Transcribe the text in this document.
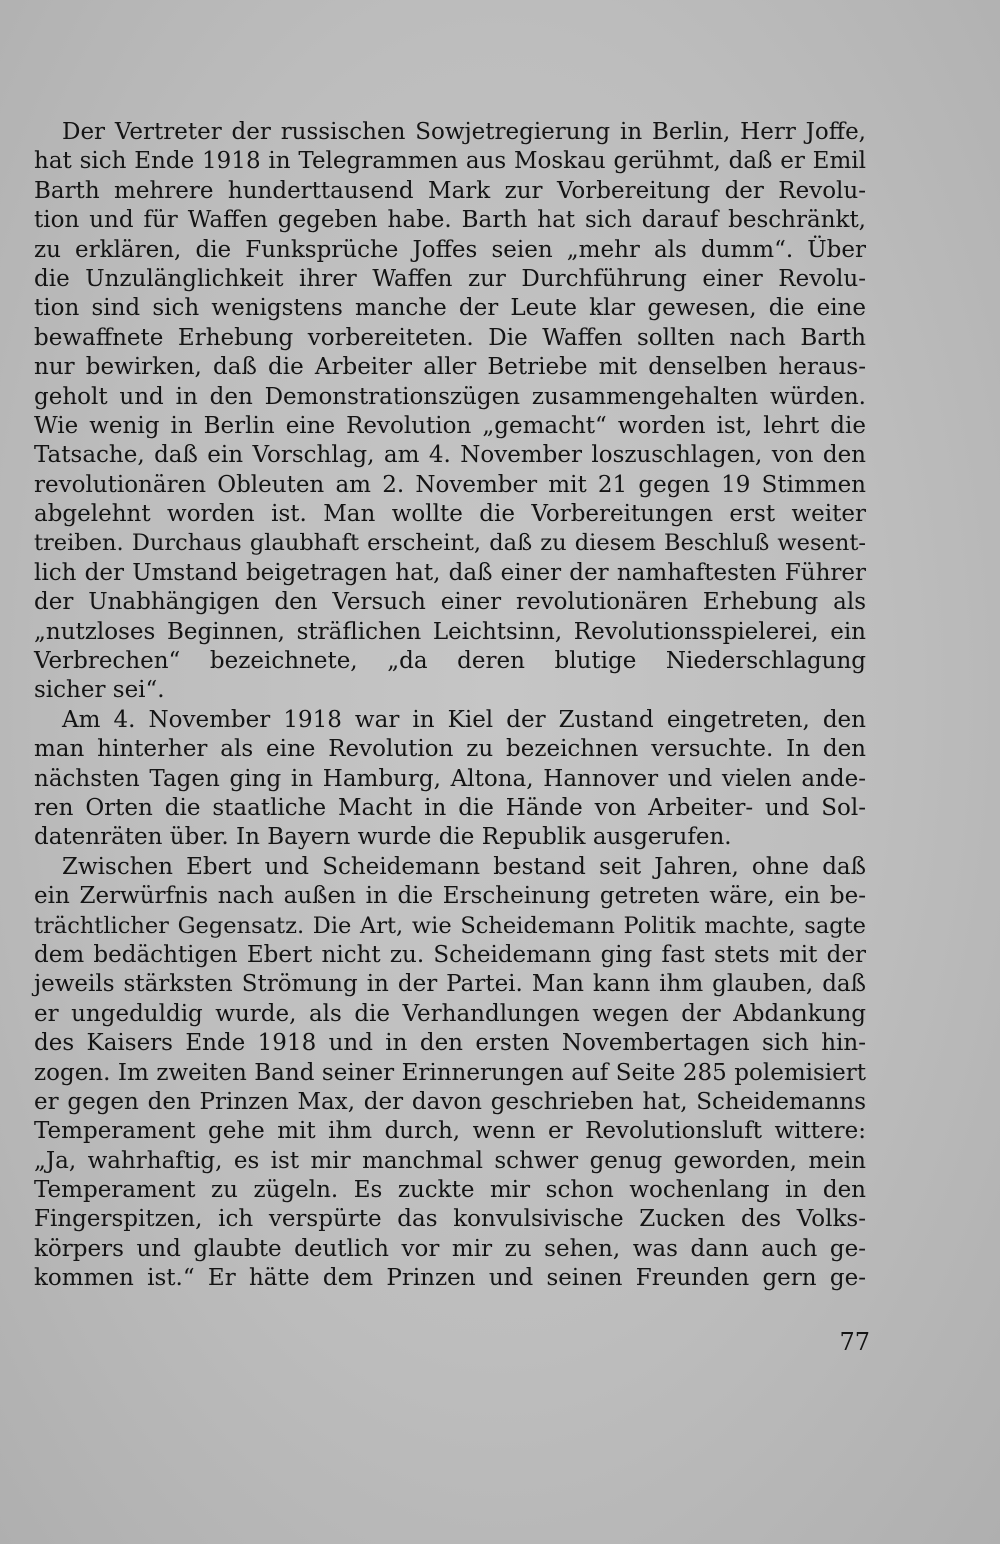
Der Vertreter der russischen Sowjetregierung in Berlin, Herr Joffe,
hat sich Ende 1918 in Telegrammen aus Moskau gerühmt, daß er Emil
Barth mehrere hunderttausend Mark zur Vorbereitung der Revolu-
tion und für Waffen gegeben habe. Barth hat sich darauf beschränkt,
zu erklären, die Funksprüche Joffes seien „mehr als dumm“. Über
die Unzulänglichkeit ihrer Waffen zur Durchführung einer Revolu-
tion sind sich wenigstens manche der Leute klar gewesen, die eine
bewaffnete Erhebung vorbereiteten. Die Waffen sollten nach Barth
nur bewirken, daß die Arbeiter aller Betriebe mit denselben heraus-
geholt und in den Demonstrationszügen zusammengehalten würden.
Wie wenig in Berlin eine Revolution „gemacht“ worden ist, lehrt die
Tatsache, daß ein Vorschlag, am 4. November loszuschlagen, von den
revolutionären Obleuten am 2. November mit 21 gegen 19 Stimmen
abgelehnt worden ist. Man wollte die Vorbereitungen erst weiter
treiben. Durchaus glaubhaft erscheint, daß zu diesem Beschluß wesent-
lich der Umstand beigetragen hat, daß einer der namhaftesten Führer
der Unabhängigen den Versuch einer revolutionären Erhebung als
„nutzloses Beginnen, sträflichen Leichtsinn, Revolutionsspielerei, ein
Verbrechen“ bezeichnete, „da deren blutige Niederschlagung
sicher sei“.
Am 4. November 1918 war in Kiel der Zustand eingetreten, den
man hinterher als eine Revolution zu bezeichnen versuchte. In den
nächsten Tagen ging in Hamburg, Altona, Hannover und vielen ande-
ren Orten die staatliche Macht in die Hände von Arbeiter- und Sol-
datenräten über. In Bayern wurde die Republik ausgerufen.
Zwischen Ebert und Scheidemann bestand seit Jahren, ohne daß
ein Zerwürfnis nach außen in die Erscheinung getreten wäre, ein be-
trächtlicher Gegensatz. Die Art, wie Scheidemann Politik machte, sagte
dem bedächtigen Ebert nicht zu. Scheidemann ging fast stets mit der
jeweils stärksten Strömung in der Partei. Man kann ihm glauben, daß
er ungeduldig wurde, als die Verhandlungen wegen der Abdankung
des Kaisers Ende 1918 und in den ersten Novembertagen sich hin-
zogen. Im zweiten Band seiner Erinnerungen auf Seite 285 polemisiert
er gegen den Prinzen Max, der davon geschrieben hat, Scheidemanns
Temperament gehe mit ihm durch, wenn er Revolutionsluft wittere:
„Ja, wahrhaftig, es ist mir manchmal schwer genug geworden, mein
Temperament zu zügeln. Es zuckte mir schon wochenlang in den
Fingerspitzen, ich verspürte das konvulsivische Zucken des Volks-
körpers und glaubte deutlich vor mir zu sehen, was dann auch ge-
kommen ist.“ Er hätte dem Prinzen und seinen Freunden gern ge-
77
